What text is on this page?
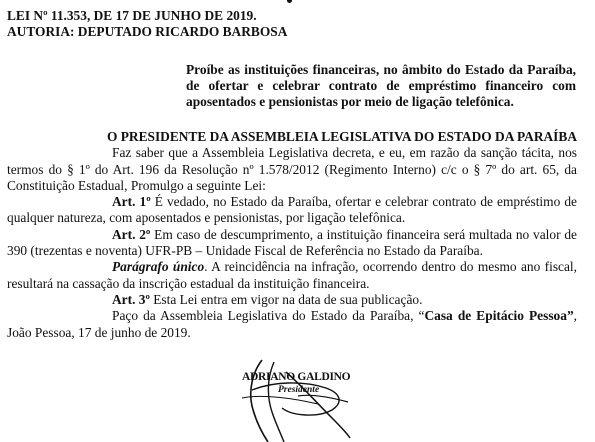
LEI Nº 11.353, DE 17 DE JUNHO DE 2019.
AUTORIA: DEPUTADO RICARDO BARBOSA
Proíbe as instituições financeiras, no âmbito do Estado da Paraíba, de ofertar e celebrar contrato de empréstimo financeiro com aposentados e pensionistas por meio de ligação telefônica.

O PRESIDENTE DA ASSEMBLEIA LEGISLATIVA DO ESTADO DA PARAÍBA

Faz saber que a Assembleia Legislativa decreta, e eu, em razão da sanção tácita, nos termos do § 1º do Art. 196 da Resolução nº 1.578/2012 (Regimento Interno) c/c o § 7º do art. 65, da Constituição Estadual, Promulgo a seguinte Lei:

Art. 1º É vedado, no Estado da Paraíba, ofertar e celebrar contrato de empréstimo de qualquer natureza, com aposentados e pensionistas, por ligação telefônica.

Art. 2º Em caso de descumprimento, a instituição financeira será multada no valor de 390 (trezentas e noventa) UFR-PB – Unidade Fiscal de Referência no Estado da Paraíba.

Parágrafo único. A reincidência na infração, ocorrendo dentro do mesmo ano fiscal, resultará na cassação da inscrição estadual da instituição financeira.

Art. 3º Esta Lei entra em vigor na data de sua publicação.

Paço da Assembleia Legislativa do Estado da Paraíba, “Casa de Epitácio Pessoa”, João Pessoa, 17 de junho de 2019.

ADRIANO GALDINO
Presidente
